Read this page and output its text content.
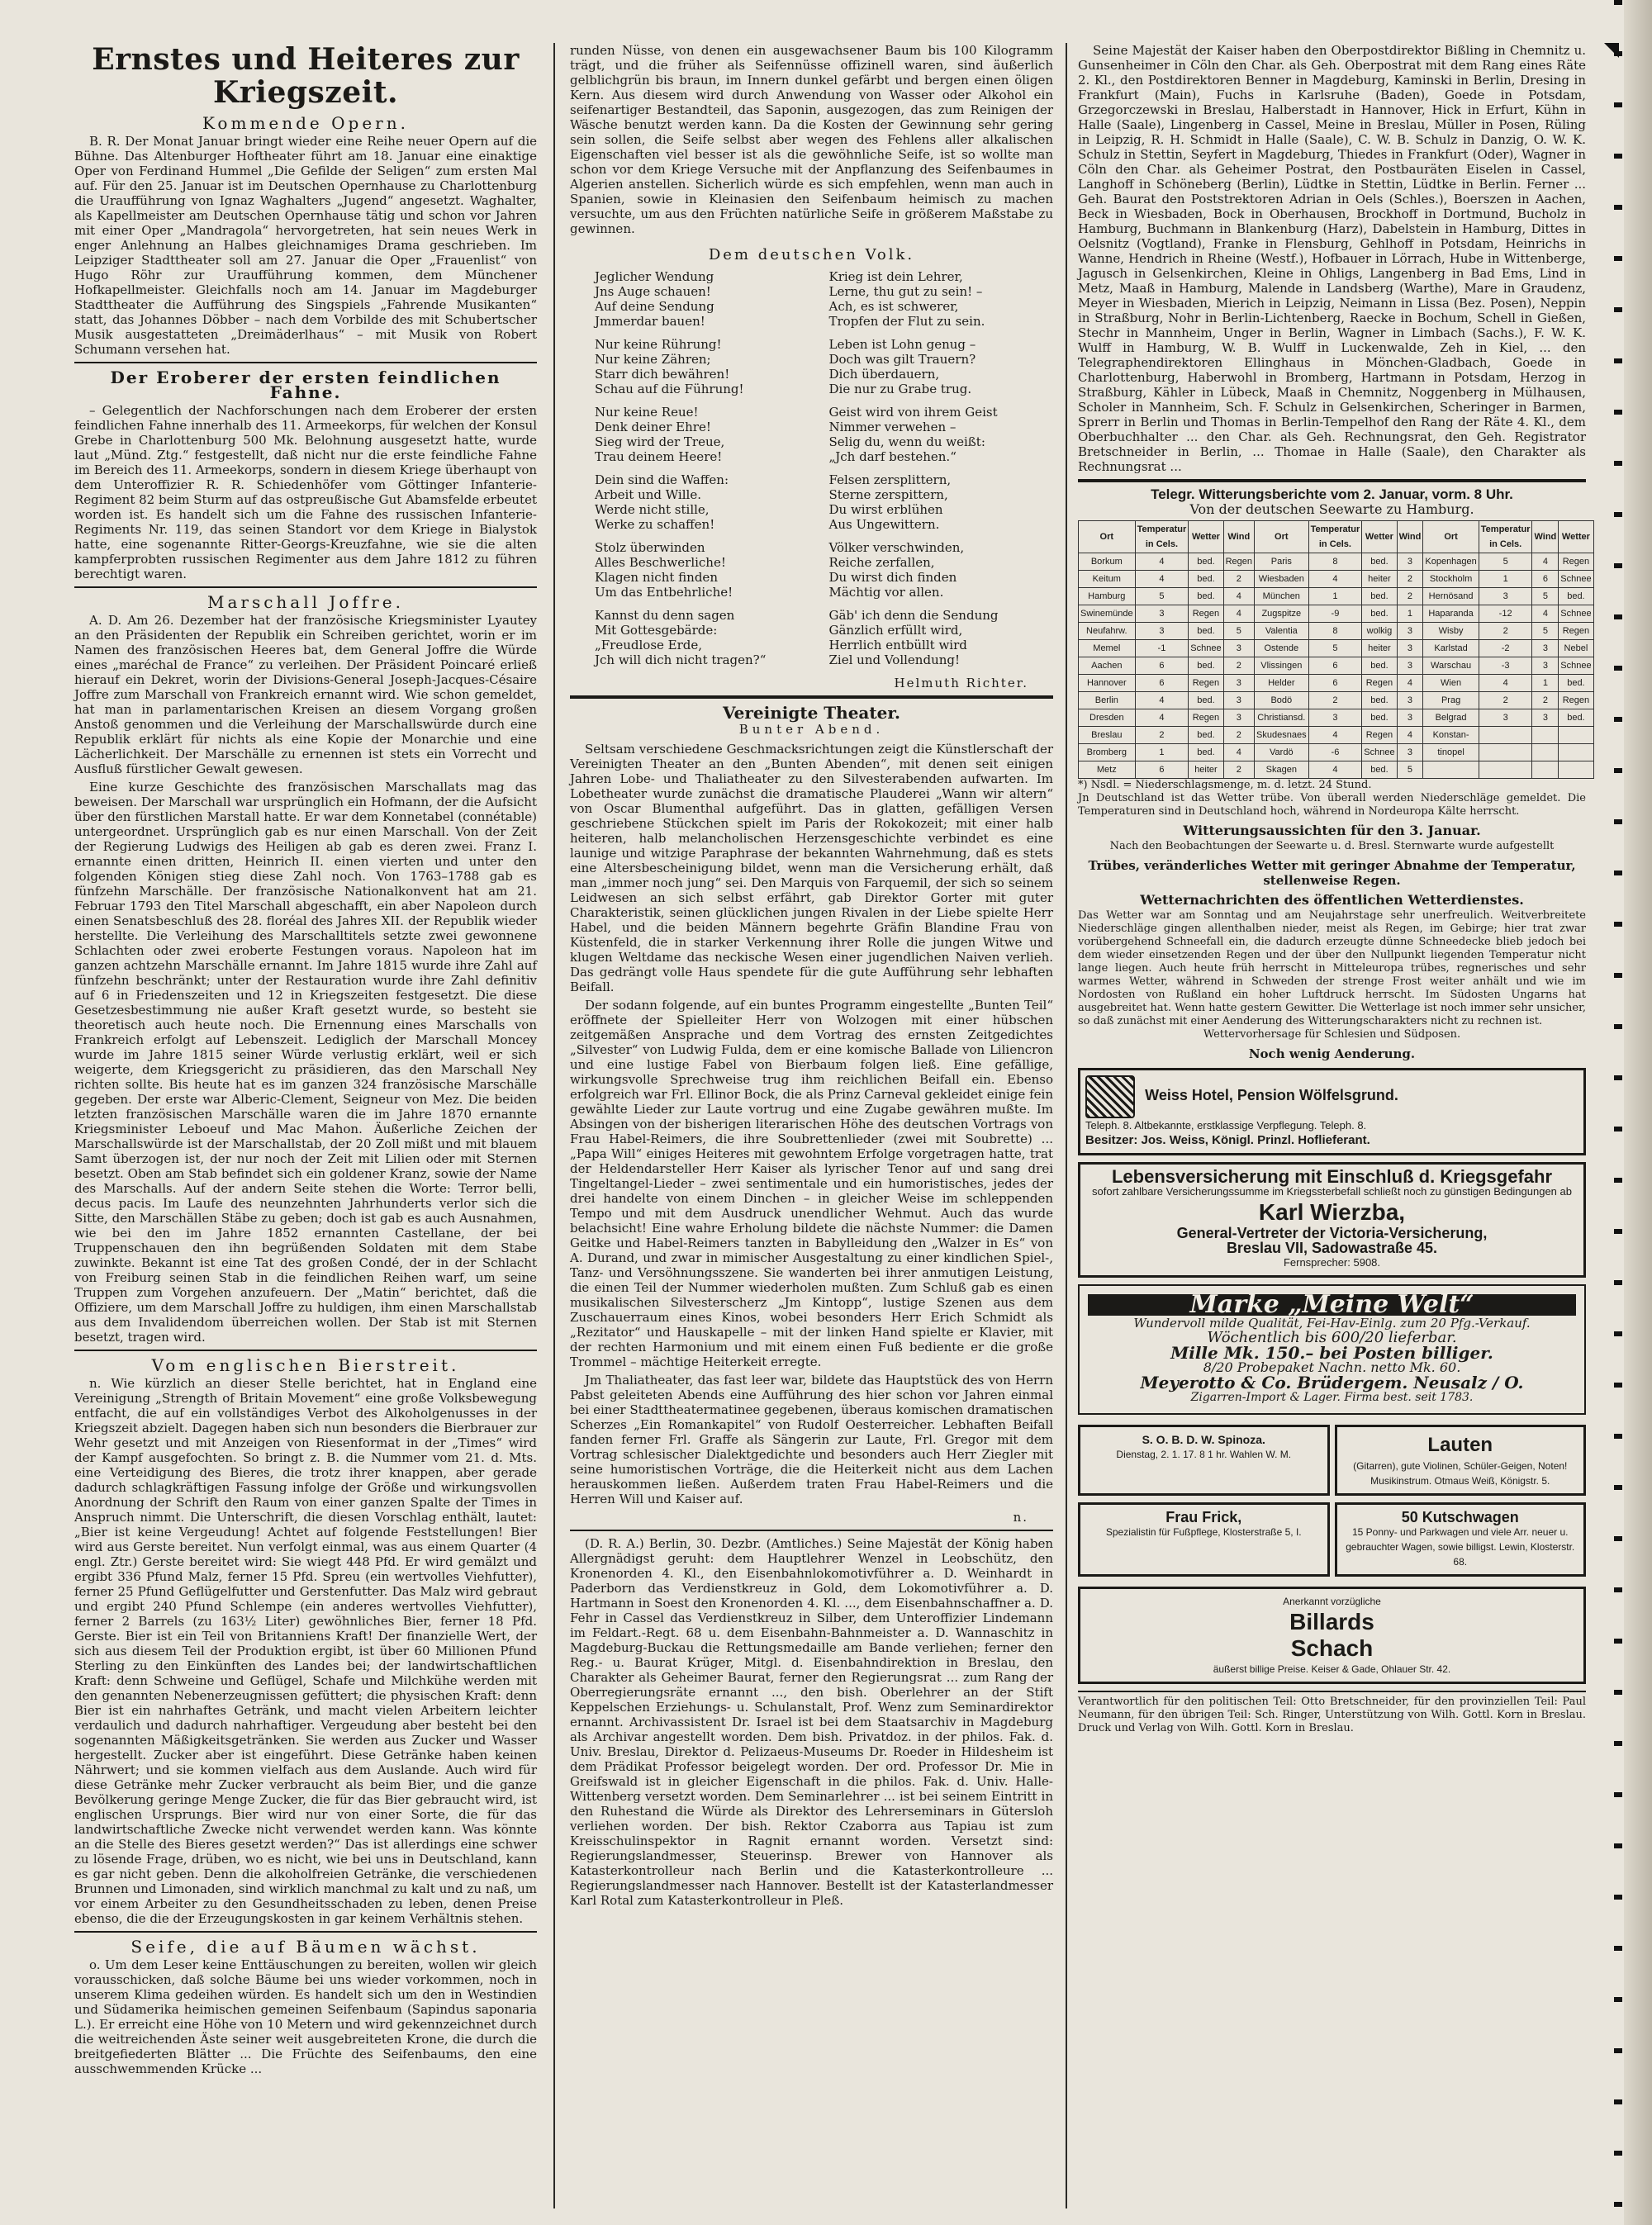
Ernstes und Heiteres zur Kriegszeit.
Kommende Opern.

B. R. Der Monat Januar bringt wieder eine Reihe neuer Opern auf die Bühne. Das Altenburger Hoftheater führt am 18. Januar eine einaktige Oper von Ferdinand Hummel „Die Gefilde der Seligen“ zum ersten Mal auf. Für den 25. Januar ist im Deutschen Opernhause zu Charlottenburg die Uraufführung von Ignaz Waghalters „Jugend“ angesetzt. Waghalter, als Kapellmeister am Deutschen Opernhause tätig und schon vor Jahren mit einer Oper „Mandragola“ hervorgetreten, hat sein neues Werk in enger Anlehnung an Halbes gleichnamiges Drama geschrieben. Im Leipziger Stadttheater soll am 27. Januar die Oper „Frauenlist“ von Hugo Röhr zur Uraufführung kommen, dem Münchener Hofkapellmeister. Gleichfalls noch am 14. Januar im Magdeburger Stadttheater die Aufführung des Singspiels „Fahrende Musikanten“ statt, das Johannes Döbber – nach dem Vorbilde des mit Schubertscher Musik ausgestatteten „Dreimäderlhaus“ – mit Musik von Robert Schumann versehen hat.

Der Eroberer der ersten feindlichen Fahne.

– Gelegentlich der Nachforschungen nach dem Eroberer der ersten feindlichen Fahne innerhalb des 11. Armeekorps, für welchen der Konsul Grebe in Charlottenburg 500 Mk. Belohnung ausgesetzt hatte, wurde laut „Münd. Ztg.“ festgestellt, daß nicht nur die erste feindliche Fahne im Bereich des 11. Armeekorps, sondern in diesem Kriege überhaupt von dem Unteroffizier R. R. Schiedenhöfer vom Göttinger Infanterie-Regiment 82 beim Sturm auf das ostpreußische Gut Abamsfelde erbeutet worden ist. Es handelt sich um die Fahne des russischen Infanterie-Regiments Nr. 119, das seinen Standort vor dem Kriege in Bialystok hatte, eine sogenannte Ritter-Georgs-Kreuzfahne, wie sie die alten kampferprobten russischen Regimenter aus dem Jahre 1812 zu führen berechtigt waren.

Marschall Joffre.

A. D. Am 26. Dezember hat der französische Kriegsminister Lyautey an den Präsidenten der Republik ein Schreiben gerichtet, worin er im Namen des französischen Heeres bat, dem General Joffre die Würde eines „maréchal de France“ zu verleihen. Der Präsident Poincaré erließ hierauf ein Dekret, worin der Divisions-General Joseph-Jacques-Césaire Joffre zum Marschall von Frankreich ernannt wird. Wie schon gemeldet, hat man in parlamentarischen Kreisen an diesem Vorgang großen Anstoß genommen und die Verleihung der Marschallswürde durch eine Republik erklärt für nichts als eine Kopie der Monarchie und eine Lächerlichkeit. Der Marschälle zu ernennen ist stets ein Vorrecht und Ausfluß fürstlicher Gewalt gewesen.

Eine kurze Geschichte des französischen Marschallats mag das beweisen. Der Marschall war ursprünglich ein Hofmann, der die Aufsicht über den fürstlichen Marstall hatte. Er war dem Konnetabel (connétable) untergeordnet. Ursprünglich gab es nur einen Marschall. Von der Zeit der Regierung Ludwigs des Heiligen ab gab es deren zwei. Franz I. ernannte einen dritten, Heinrich II. einen vierten und unter den folgenden Königen stieg diese Zahl noch. Von 1763–1788 gab es fünfzehn Marschälle. Der französische Nationalkonvent hat am 21. Februar 1793 den Titel Marschall abgeschafft, ein aber Napoleon durch einen Senatsbeschluß des 28. floréal des Jahres XII. der Republik wieder herstellte. Die Verleihung des Marschalltitels setzte zwei gewonnene Schlachten oder zwei eroberte Festungen voraus. Napoleon hat im ganzen achtzehn Marschälle ernannt. Im Jahre 1815 wurde ihre Zahl auf fünfzehn beschränkt; unter der Restauration wurde ihre Zahl definitiv auf 6 in Friedenszeiten und 12 in Kriegszeiten festgesetzt. Die diese Gesetzesbestimmung nie außer Kraft gesetzt wurde, so besteht sie theoretisch auch heute noch. Die Ernennung eines Marschalls von Frankreich erfolgt auf Lebenszeit. Lediglich der Marschall Moncey wurde im Jahre 1815 seiner Würde verlustig erklärt, weil er sich weigerte, dem Kriegsgericht zu präsidieren, das den Marschall Ney richten sollte. Bis heute hat es im ganzen 324 französische Marschälle gegeben. Der erste war Alberic-Clement, Seigneur von Mez. Die beiden letzten französischen Marschälle waren die im Jahre 1870 ernannte Kriegsminister Leboeuf und Mac Mahon. Äußerliche Zeichen der Marschallswürde ist der Marschallstab, der 20 Zoll mißt und mit blauem Samt überzogen ist, der nur noch der Zeit mit Lilien oder mit Sternen besetzt. Oben am Stab befindet sich ein goldener Kranz, sowie der Name des Marschalls. Auf der andern Seite stehen die Worte: Terror belli, decus pacis. Im Laufe des neunzehnten Jahrhunderts verlor sich die Sitte, den Marschällen Stäbe zu geben; doch ist gab es auch Ausnahmen, wie bei den im Jahre 1852 ernannten Castellane, der bei Truppenschauen den ihn begrüßenden Soldaten mit dem Stabe zuwinkte. Bekannt ist eine Tat des großen Condé, der in der Schlacht von Freiburg seinen Stab in die feindlichen Reihen warf, um seine Truppen zum Vorgehen anzufeuern. Der „Matin“ berichtet, daß die Offiziere, um dem Marschall Joffre zu huldigen, ihm einen Marschallstab aus dem Invalidendom überreichen wollen. Der Stab ist mit Sternen besetzt, tragen wird.

Vom englischen Bierstreit.

n. Wie kürzlich an dieser Stelle berichtet, hat in England eine Vereinigung „Strength of Britain Movement“ eine große Volksbewegung entfacht, die auf ein vollständiges Verbot des Alkoholgenusses in der Kriegszeit abzielt. Dagegen haben sich nun besonders die Bierbrauer zur Wehr gesetzt und mit Anzeigen von Riesenformat in der „Times“ wird der Kampf ausgefochten. So bringt z. B. die Nummer vom 21. d. Mts. eine Verteidigung des Bieres, die trotz ihrer knappen, aber gerade dadurch schlagkräftigen Fassung infolge der Größe und wirkungsvollen Anordnung der Schrift den Raum von einer ganzen Spalte der Times in Anspruch nimmt. Die Unterschrift, die diesen Vorschlag enthält, lautet: „Bier ist keine Vergeudung! Achtet auf folgende Feststellungen! Bier wird aus Gerste bereitet. Nun verfolgt einmal, was aus einem Quarter (4 engl. Ztr.) Gerste bereitet wird: Sie wiegt 448 Pfd. Er wird gemälzt und ergibt 336 Pfund Malz, ferner 15 Pfd. Spreu (ein wertvolles Viehfutter), ferner 25 Pfund Geflügelfutter und Gerstenfutter. Das Malz wird gebraut und ergibt 240 Pfund Schlempe (ein anderes wertvolles Viehfutter), ferner 2 Barrels (zu 163½ Liter) gewöhnliches Bier, ferner 18 Pfd. Gerste. Bier ist ein Teil von Britanniens Kraft! Der finanzielle Wert, der sich aus diesem Teil der Produktion ergibt, ist über 60 Millionen Pfund Sterling zu den Einkünften des Landes bei; der landwirtschaftlichen Kraft: denn Schweine und Geflügel, Schafe und Milchkühe werden mit den genannten Nebenerzeugnissen gefüttert; die physischen Kraft: denn Bier ist ein nahrhaftes Getränk, und macht vielen Arbeitern leichter verdaulich und dadurch nahrhaftiger. Vergeudung aber besteht bei den sogenannten Mäßigkeitsgetränken. Sie werden aus Zucker und Wasser hergestellt. Zucker aber ist eingeführt. Diese Getränke haben keinen Nährwert; und sie kommen vielfach aus dem Auslande. Auch wird für diese Getränke mehr Zucker verbraucht als beim Bier, und die ganze Bevölkerung geringe Menge Zucker, die für das Bier gebraucht wird, ist englischen Ursprungs. Bier wird nur von einer Sorte, die für das landwirtschaftliche Zwecke nicht verwendet werden kann. Was könnte an die Stelle des Bieres gesetzt werden?“ Das ist allerdings eine schwer zu lösende Frage, drüben, wo es nicht, wie bei uns in Deutschland, kann es gar nicht geben. Denn die alkoholfreien Getränke, die verschiedenen Brunnen und Limonaden, sind wirklich manchmal zu kalt und zu naß, um vor einem Arbeiter zu den Gesundheitsschaden zu leben, denen Preise ebenso, die die der Erzeugungskosten in gar keinem Verhältnis stehen.

Seife, die auf Bäumen wächst.

o. Um dem Leser keine Enttäuschungen zu bereiten, wollen wir gleich vorausschicken, daß solche Bäume bei uns wieder vorkommen, noch in unserem Klima gedeihen würden. Es handelt sich um den in Westindien und Südamerika heimischen gemeinen Seifenbaum (Sapindus saponaria L.). Er erreicht eine Höhe von 10 Metern und wird gekennzeichnet durch die weitreichenden Äste seiner weit ausgebreiteten Krone, die durch die breitgefiederten Blätter ... Die Früchte des Seifenbaums, den eine ausschwemmenden Krücke ...

runden Nüsse, von denen ein ausgewachsener Baum bis 100 Kilogramm trägt, und die früher als Seifennüsse offizinell waren, sind äußerlich gelblichgrün bis braun, im Innern dunkel gefärbt und bergen einen öligen Kern. Aus diesem wird durch Anwendung von Wasser oder Alkohol ein seifenartiger Bestandteil, das Saponin, ausgezogen, das zum Reinigen der Wäsche benutzt werden kann. Da die Kosten der Gewinnung sehr gering sein sollen, die Seife selbst aber wegen des Fehlens aller alkalischen Eigenschaften viel besser ist als die gewöhnliche Seife, ist so wollte man schon vor dem Kriege Versuche mit der Anpflanzung des Seifenbaumes in Algerien anstellen. Sicherlich würde es sich empfehlen, wenn man auch in Spanien, sowie in Kleinasien den Seifenbaum heimisch zu machen versuchte, um aus den Früchten natürliche Seife in größerem Maßstabe zu gewinnen.

Dem deutschen Volk.
Jeglicher Wendung
Jns Auge schauen!
Auf deine Sendung
Jmmerdar bauen!
Nur keine Rührung!
Nur keine Zähren;
Starr dich bewähren!
Schau auf die Führung!
Nur keine Reue!
Denk deiner Ehre!
Sieg wird der Treue,
Trau deinem Heere!
Dein sind die Waffen:
Arbeit und Wille.
Werde nicht stille,
Werke zu schaffen!
Stolz überwinden
Alles Beschwerliche!
Klagen nicht finden
Um das Entbehrliche!
Kannst du denn sagen
Mit Gottesgebärde:
„Freudlose Erde,
Jch will dich nicht tragen?“
Krieg ist dein Lehrer,
Lerne, thu gut zu sein! –
Ach, es ist schwerer,
Tropfen der Flut zu sein.
Leben ist Lohn genug –
Doch was gilt Trauern?
Dich überdauern,
Die nur zu Grabe trug.
Geist wird von ihrem Geist
Nimmer verwehen –
Selig du, wenn du weißt:
„Jch darf bestehen.“
Felsen zersplittern,
Sterne zerspittern,
Du wirst erblühen
Aus Ungewittern.
Völker verschwinden,
Reiche zerfallen,
Du wirst dich finden
Mächtig vor allen.
Gäb' ich denn die Sendung
Gänzlich erfüllt wird,
Herrlich entbüllt wird
Ziel und Vollendung!
Helmuth Richter.
Vereinigte Theater.
Bunter Abend.

Seltsam verschiedene Geschmacksrichtungen zeigt die Künstlerschaft der Vereinigten Theater an den „Bunten Abenden“, mit denen seit einigen Jahren Lobe- und Thaliatheater zu den Silvesterabenden aufwarten. Im Lobetheater wurde zunächst die dramatische Plauderei „Wann wir altern“ von Oscar Blumenthal aufgeführt. Das in glatten, gefälligen Versen geschriebene Stückchen spielt im Paris der Rokokozeit; mit einer halb heiteren, halb melancholischen Herzensgeschichte verbindet es eine launige und witzige Paraphrase der bekannten Wahrnehmung, daß es stets eine Altersbescheinigung bildet, wenn man die Versicherung erhält, daß man „immer noch jung“ sei. Den Marquis von Farquemil, der sich so seinem Leidwesen an sich selbst erfährt, gab Direktor Gorter mit guter Charakteristik, seinen glücklichen jungen Rivalen in der Liebe spielte Herr Habel, und die beiden Männern begehrte Gräfin Blandine Frau von Küstenfeld, die in starker Verkennung ihrer Rolle die jungen Witwe und klugen Weltdame das neckische Wesen einer jugendlichen Naiven verlieh. Das gedrängt volle Haus spendete für die gute Aufführung sehr lebhaften Beifall.

Der sodann folgende, auf ein buntes Programm eingestellte „Bunten Teil“ eröffnete der Spielleiter Herr von Wolzogen mit einer hübschen zeitgemäßen Ansprache und dem Vortrag des ernsten Zeitgedichtes „Silvester“ von Ludwig Fulda, dem er eine komische Ballade von Liliencron und eine lustige Fabel von Bierbaum folgen ließ. Eine gefällige, wirkungsvolle Sprechweise trug ihm reichlichen Beifall ein. Ebenso erfolgreich war Frl. Ellinor Bock, die als Prinz Carneval gekleidet einige fein gewählte Lieder zur Laute vortrug und eine Zugabe gewähren mußte. Im Absingen von der bisherigen literarischen Höhe des deutschen Vortrags von Frau Habel-Reimers, die ihre Soubrettenlieder (zwei mit Soubrette) ... „Papa Will“ einiges Heiteres mit gewohntem Erfolge vorgetragen hatte, trat der Heldendarsteller Herr Kaiser als lyrischer Tenor auf und sang drei Tingeltangel-Lieder – zwei sentimentale und ein humoristisches, jedes der drei handelte von einem Dinchen – in gleicher Weise im schleppenden Tempo und mit dem Ausdruck unendlicher Wehmut. Auch das wurde belachsicht! Eine wahre Erholung bildete die nächste Nummer: die Damen Geitke und Habel-Reimers tanzten in Babylleidung den „Walzer in Es“ von A. Durand, und zwar in mimischer Ausgestaltung zu einer kindlichen Spiel-, Tanz- und Versöhnungsszene. Sie wanderten bei ihrer anmutigen Leistung, die einen Teil der Nummer wiederholen mußten. Zum Schluß gab es einen musikalischen Silvesterscherz „Jm Kintopp“, lustige Szenen aus dem Zuschauerraum eines Kinos, wobei besonders Herr Erich Schmidt als „Rezitator“ und Hauskapelle – mit der linken Hand spielte er Klavier, mit der rechten Harmonium und mit einem einen Fuß bediente er die große Trommel – mächtige Heiterkeit erregte.

Jm Thaliatheater, das fast leer war, bildete das Hauptstück des von Herrn Pabst geleiteten Abends eine Aufführung des hier schon vor Jahren einmal bei einer Stadttheatermatinee gegebenen, überaus komischen dramatischen Scherzes „Ein Romankapitel“ von Rudolf Oesterreicher. Lebhaften Beifall fanden ferner Frl. Graffe als Sängerin zur Laute, Frl. Gregor mit dem Vortrag schlesischer Dialektgedichte und besonders auch Herr Ziegler mit seine humoristischen Vorträge, die die Heiterkeit nicht aus dem Lachen herauskommen ließen. Außerdem traten Frau Habel-Reimers und die Herren Will und Kaiser auf.

n.

(D. R. A.) Berlin, 30. Dezbr. (Amtliches.) Seine Majestät der König haben Allergnädigst geruht: dem Hauptlehrer Wenzel in Leobschütz, den Kronenorden 4. Kl., den Eisenbahnlokomotivführer a. D. Weinhardt in Paderborn das Verdienstkreuz in Gold, dem Lokomotivführer a. D. Hartmann in Soest den Kronenorden 4. Kl. ..., dem Eisenbahnschaffner a. D. Fehr in Cassel das Verdienstkreuz in Silber, dem Unteroffizier Lindemann im Feldart.-Regt. 68 u. dem Eisenbahn-Bahnmeister a. D. Wannaschitz in Magdeburg-Buckau die Rettungsmedaille am Bande verliehen; ferner den Reg.- u. Baurat Krüger, Mitgl. d. Eisenbahndirektion in Breslau, den Charakter als Geheimer Baurat, ferner den Regierungsrat ... zum Rang der Oberregierungsräte ernannt ..., den bish. Oberlehrer an der Stift Keppelschen Erziehungs- u. Schulanstalt, Prof. Wenz zum Seminardirektor ernannt. Archivassistent Dr. Israel ist bei dem Staatsarchiv in Magdeburg als Archivar angestellt worden. Dem bish. Privatdoz. in der philos. Fak. d. Univ. Breslau, Direktor d. Pelizaeus-Museums Dr. Roeder in Hildesheim ist dem Prädikat Professor beigelegt worden. Der ord. Professor Dr. Mie in Greifswald ist in gleicher Eigenschaft in die philos. Fak. d. Univ. Halle-Wittenberg versetzt worden. Dem Seminarlehrer ... ist bei seinem Eintritt in den Ruhestand die Würde als Direktor des Lehrerseminars in Gütersloh verliehen worden. Der bish. Rektor Czaborra aus Tapiau ist zum Kreisschulinspektor in Ragnit ernannt worden. Versetzt sind: Regierungslandmesser, Steuerinsp. Brewer von Hannover als Katasterkontrolleur nach Berlin und die Katasterkontrolleure ... Regierungslandmesser nach Hannover. Bestellt ist der Katasterlandmesser Karl Rotal zum Katasterkontrolleur in Pleß.

Seine Majestät der Kaiser haben den Oberpostdirektor Bißling in Chemnitz u. Gunsenheimer in Cöln den Char. als Geh. Oberpostrat mit dem Rang eines Räte 2. Kl., den Postdirektoren Benner in Magdeburg, Kaminski in Berlin, Dresing in Frankfurt (Main), Fuchs in Karlsruhe (Baden), Goede in Potsdam, Grzegorczewski in Breslau, Halberstadt in Hannover, Hick in Erfurt, Kühn in Halle (Saale), Lingenberg in Cassel, Meine in Breslau, Müller in Posen, Rüling in Leipzig, R. H. Schmidt in Halle (Saale), C. W. B. Schulz in Danzig, O. W. K. Schulz in Stettin, Seyfert in Magdeburg, Thiedes in Frankfurt (Oder), Wagner in Cöln den Char. als Geheimer Postrat, den Postbauräten Eiselen in Cassel, Langhoff in Schöneberg (Berlin), Lüdtke in Stettin, Lüdtke in Berlin. Ferner ... Geh. Baurat den Poststrektoren Adrian in Oels (Schles.), Boerszen in Aachen, Beck in Wiesbaden, Bock in Oberhausen, Brockhoff in Dortmund, Bucholz in Hamburg, Buchmann in Blankenburg (Harz), Dabelstein in Hamburg, Dittes in Oelsnitz (Vogtland), Franke in Flensburg, Gehlhoff in Potsdam, Heinrichs in Wanne, Hendrich in Rheine (Westf.), Hofbauer in Lörrach, Hube in Wittenberge, Jagusch in Gelsenkirchen, Kleine in Ohligs, Langenberg in Bad Ems, Lind in Metz, Maaß in Hamburg, Malende in Landsberg (Warthe), Mare in Graudenz, Meyer in Wiesbaden, Mierich in Leipzig, Neimann in Lissa (Bez. Posen), Neppin in Straßburg, Nohr in Berlin-Lichtenberg, Raecke in Bochum, Schell in Gießen, Stechr in Mannheim, Unger in Berlin, Wagner in Limbach (Sachs.), F. W. K. Wulff in Hamburg, W. B. Wulff in Luckenwalde, Zeh in Kiel, ... den Telegraphendirektoren Ellinghaus in Mönchen-Gladbach, Goede in Charlottenburg, Haberwohl in Bromberg, Hartmann in Potsdam, Herzog in Straßburg, Kähler in Lübeck, Maaß in Chemnitz, Noggenberg in Mülhausen, Scholer in Mannheim, Sch. F. Schulz in Gelsenkirchen, Scheringer in Barmen, Sprerr in Berlin und Thomas in Berlin-Tempelhof den Rang der Räte 4. Kl., dem Oberbuchhalter ... den Char. als Geh. Rechnungsrat, den Geh. Registrator Bretschneider in Berlin, ... Thomae in Halle (Saale), den Charakter als Rechnungsrat ...

Telegr. Witterungsberichte vom 2. Januar, vorm. 8 Uhr.
Von der deutschen Seewarte zu Hamburg.
Ort	Temperatur in Cels.	Wetter	Wind	Ort	Temperatur in Cels.	Wetter	Wind	Ort	Temperatur in Cels.	Wind	Wetter
Borkum	4	bed.	Regen	Paris	8	bed.	3	Kopenhagen	5	4	Regen
Keitum	4	bed.	2	Wiesbaden	4	heiter	2	Stockholm	1	6	Schnee
Hamburg	5	bed.	4	München	1	bed.	2	Hernösand	3	5	bed.
Swinemünde	3	Regen	4	Zugspitze	-9	bed.	1	Haparanda	-12	4	Schnee
Neufahrw.	3	bed.	5	Valentia	8	wolkig	3	Wisby	2	5	Regen
Memel	-1	Schnee	3	Ostende	5	heiter	3	Karlstad	-2	3	Nebel
Aachen	6	bed.	2	Vlissingen	6	bed.	3	Warschau	-3	3	Schnee
Hannover	6	Regen	3	Helder	6	Regen	4	Wien	4	1	bed.
Berlin	4	bed.	3	Bodö	2	bed.	3	Prag	2	2	Regen
Dresden	4	Regen	3	Christiansd.	3	bed.	3	Belgrad	3	3	bed.
Breslau	2	bed.	2	Skudesnaes	4	Regen	4	Konstan-			
Bromberg	1	bed.	4	Vardö	-6	Schnee	3	tinopel			
Metz	6	heiter	2	Skagen	4	bed.	5				
*) Nsdl. = Niederschlagsmenge, m. d. letzt. 24 Stund.
Jn Deutschland ist das Wetter trübe. Von überall werden Niederschläge gemeldet. Die Temperaturen sind in Deutschland hoch, während in Nordeuropa Kälte herrscht.
Witterungsaussichten für den 3. Januar.
Nach den Beobachtungen der Seewarte u. d. Bresl. Sternwarte wurde aufgestellt
Trübes, veränderliches Wetter mit geringer Abnahme der Temperatur, stellenweise Regen.
Wetternachrichten des öffentlichen Wetterdienstes.
Das Wetter war am Sonntag und am Neujahrstage sehr unerfreulich. Weitverbreitete Niederschläge gingen allenthalben nieder, meist als Regen, im Gebirge; hier trat zwar vorübergehend Schneefall ein, die dadurch erzeugte dünne Schneedecke blieb jedoch bei dem wieder einsetzenden Regen und der über den Nullpunkt liegenden Temperatur nicht lange liegen. Auch heute früh herrscht in Mitteleuropa trübes, regnerisches und sehr warmes Wetter, während in Schweden der strenge Frost weiter anhält und wie im Nordosten von Rußland ein hoher Luftdruck herrscht. Im Südosten Ungarns hat ausgebreitet hat. Wenn hatte gestern Gewitter. Die Wetterlage ist noch immer sehr unsicher, so daß zunächst mit einer Aenderung des Witterungscharakters nicht zu rechnen ist.
Wettervorhersage für Schlesien und Südposen.
Noch wenig Aenderung.
Weiss Hotel, Pension Wölfelsgrund.
Teleph. 8. Altbekannte, erstklassige Verpflegung. Teleph. 8.
Besitzer: Jos. Weiss, Königl. Prinzl. Hoflieferant.
Lebensversicherung mit Einschluß d. Kriegsgefahr
sofort zahlbare Versicherungssumme im Kriegssterbefall schließt noch zu günstigen Bedingungen ab
Karl Wierzba,
General-Vertreter der Victoria-Versicherung,
Breslau VII, Sadowastraße 45.
Fernsprecher: 5908.
Marke „Meine Welt“
Wundervoll milde Qualität, Fei-Hav-Einlg. zum 20 Pfg.-Verkauf.
Wöchentlich bis 600/20 lieferbar.
Mille Mk. 150.– bei Posten billiger.
8/20 Probepaket Nachn. netto Mk. 60.
Meyerotto & Co. Brüdergem. Neusalz / O.
Zigarren-Import & Lager. Firma best. seit 1783.
S. O. B. D. W. Spinoza.
Dienstag, 2. 1. 17. 8 1 hr. Wahlen W. M.	Lauten
(Gitarren), gute Violinen, Schüler-Geigen, Noten! Musikinstrum. Otmaus Weiß, Königstr. 5.
Frau Frick,
Spezialistin für Fußpflege, Klosterstraße 5, I.
50 Kutschwagen
15 Ponny- und Parkwagen und viele Arr. neuer u. gebrauchter Wagen, sowie billigst. Lewin, Klosterstr. 68.
Anerkannt vorzügliche
Billards
Schach
äußerst billige Preise. Keiser & Gade, Ohlauer Str. 42.
Verantwortlich für den politischen Teil: Otto Bretschneider, für den provinziellen Teil: Paul Neumann, für den übrigen Teil: Sch. Ringer, Unterstützung von Wilh. Gottl. Korn in Breslau. Druck und Verlag von Wilh. Gottl. Korn in Breslau.
